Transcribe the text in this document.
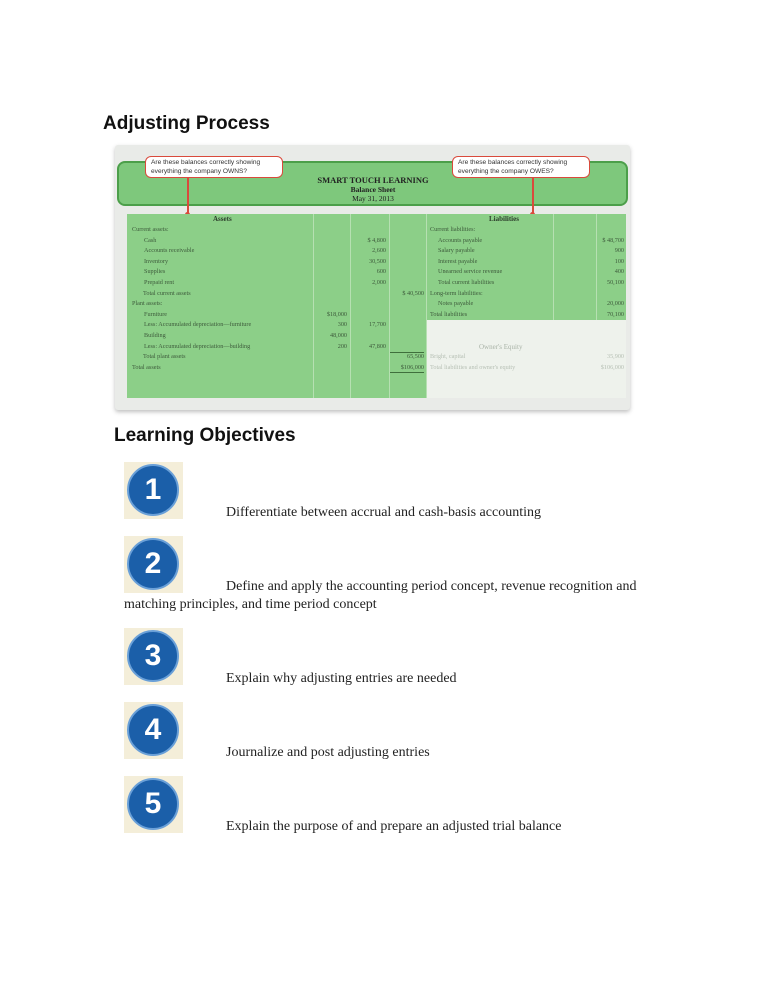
Adjusting Process
Are these balances correctly showing everything the company OWNS?
Are these balances correctly showing everything the company OWES?
SMART TOUCH LEARNING
Balance Sheet
May 31, 2013
Assets	Liabilities
Current assets:
Cash	$ 4,800
Accounts receivable	2,600
Inventory	30,500
Supplies	600
Prepaid rent	2,000
Total current assets	$ 40,500
Plant assets:
Furniture	$18,000
Less: Accumulated depreciation—furniture	300	17,700
Building	48,000
Less: Accumulated depreciation—building	200	47,800
Total plant assets	65,500
Total assets	$106,000
Current liabilities:
Accounts payable	$ 48,700
Salary payable	900
Interest payable	100
Unearned service revenue	400
Total current liabilities	50,100
Long-term liabilities:
Notes payable	20,000
Total liabilities	70,100
Owner's Equity
Bright, capital	35,900
Total liabilities and owner's equity	$106,000
Learning Objectives
1
Differentiate between accrual and cash-basis accounting
2
Define and apply the accounting period concept, revenue recognition and
matching principles, and time period concept
3
Explain why adjusting entries are needed
4
Journalize and post adjusting entries
5
Explain the purpose of and prepare an adjusted trial balance
